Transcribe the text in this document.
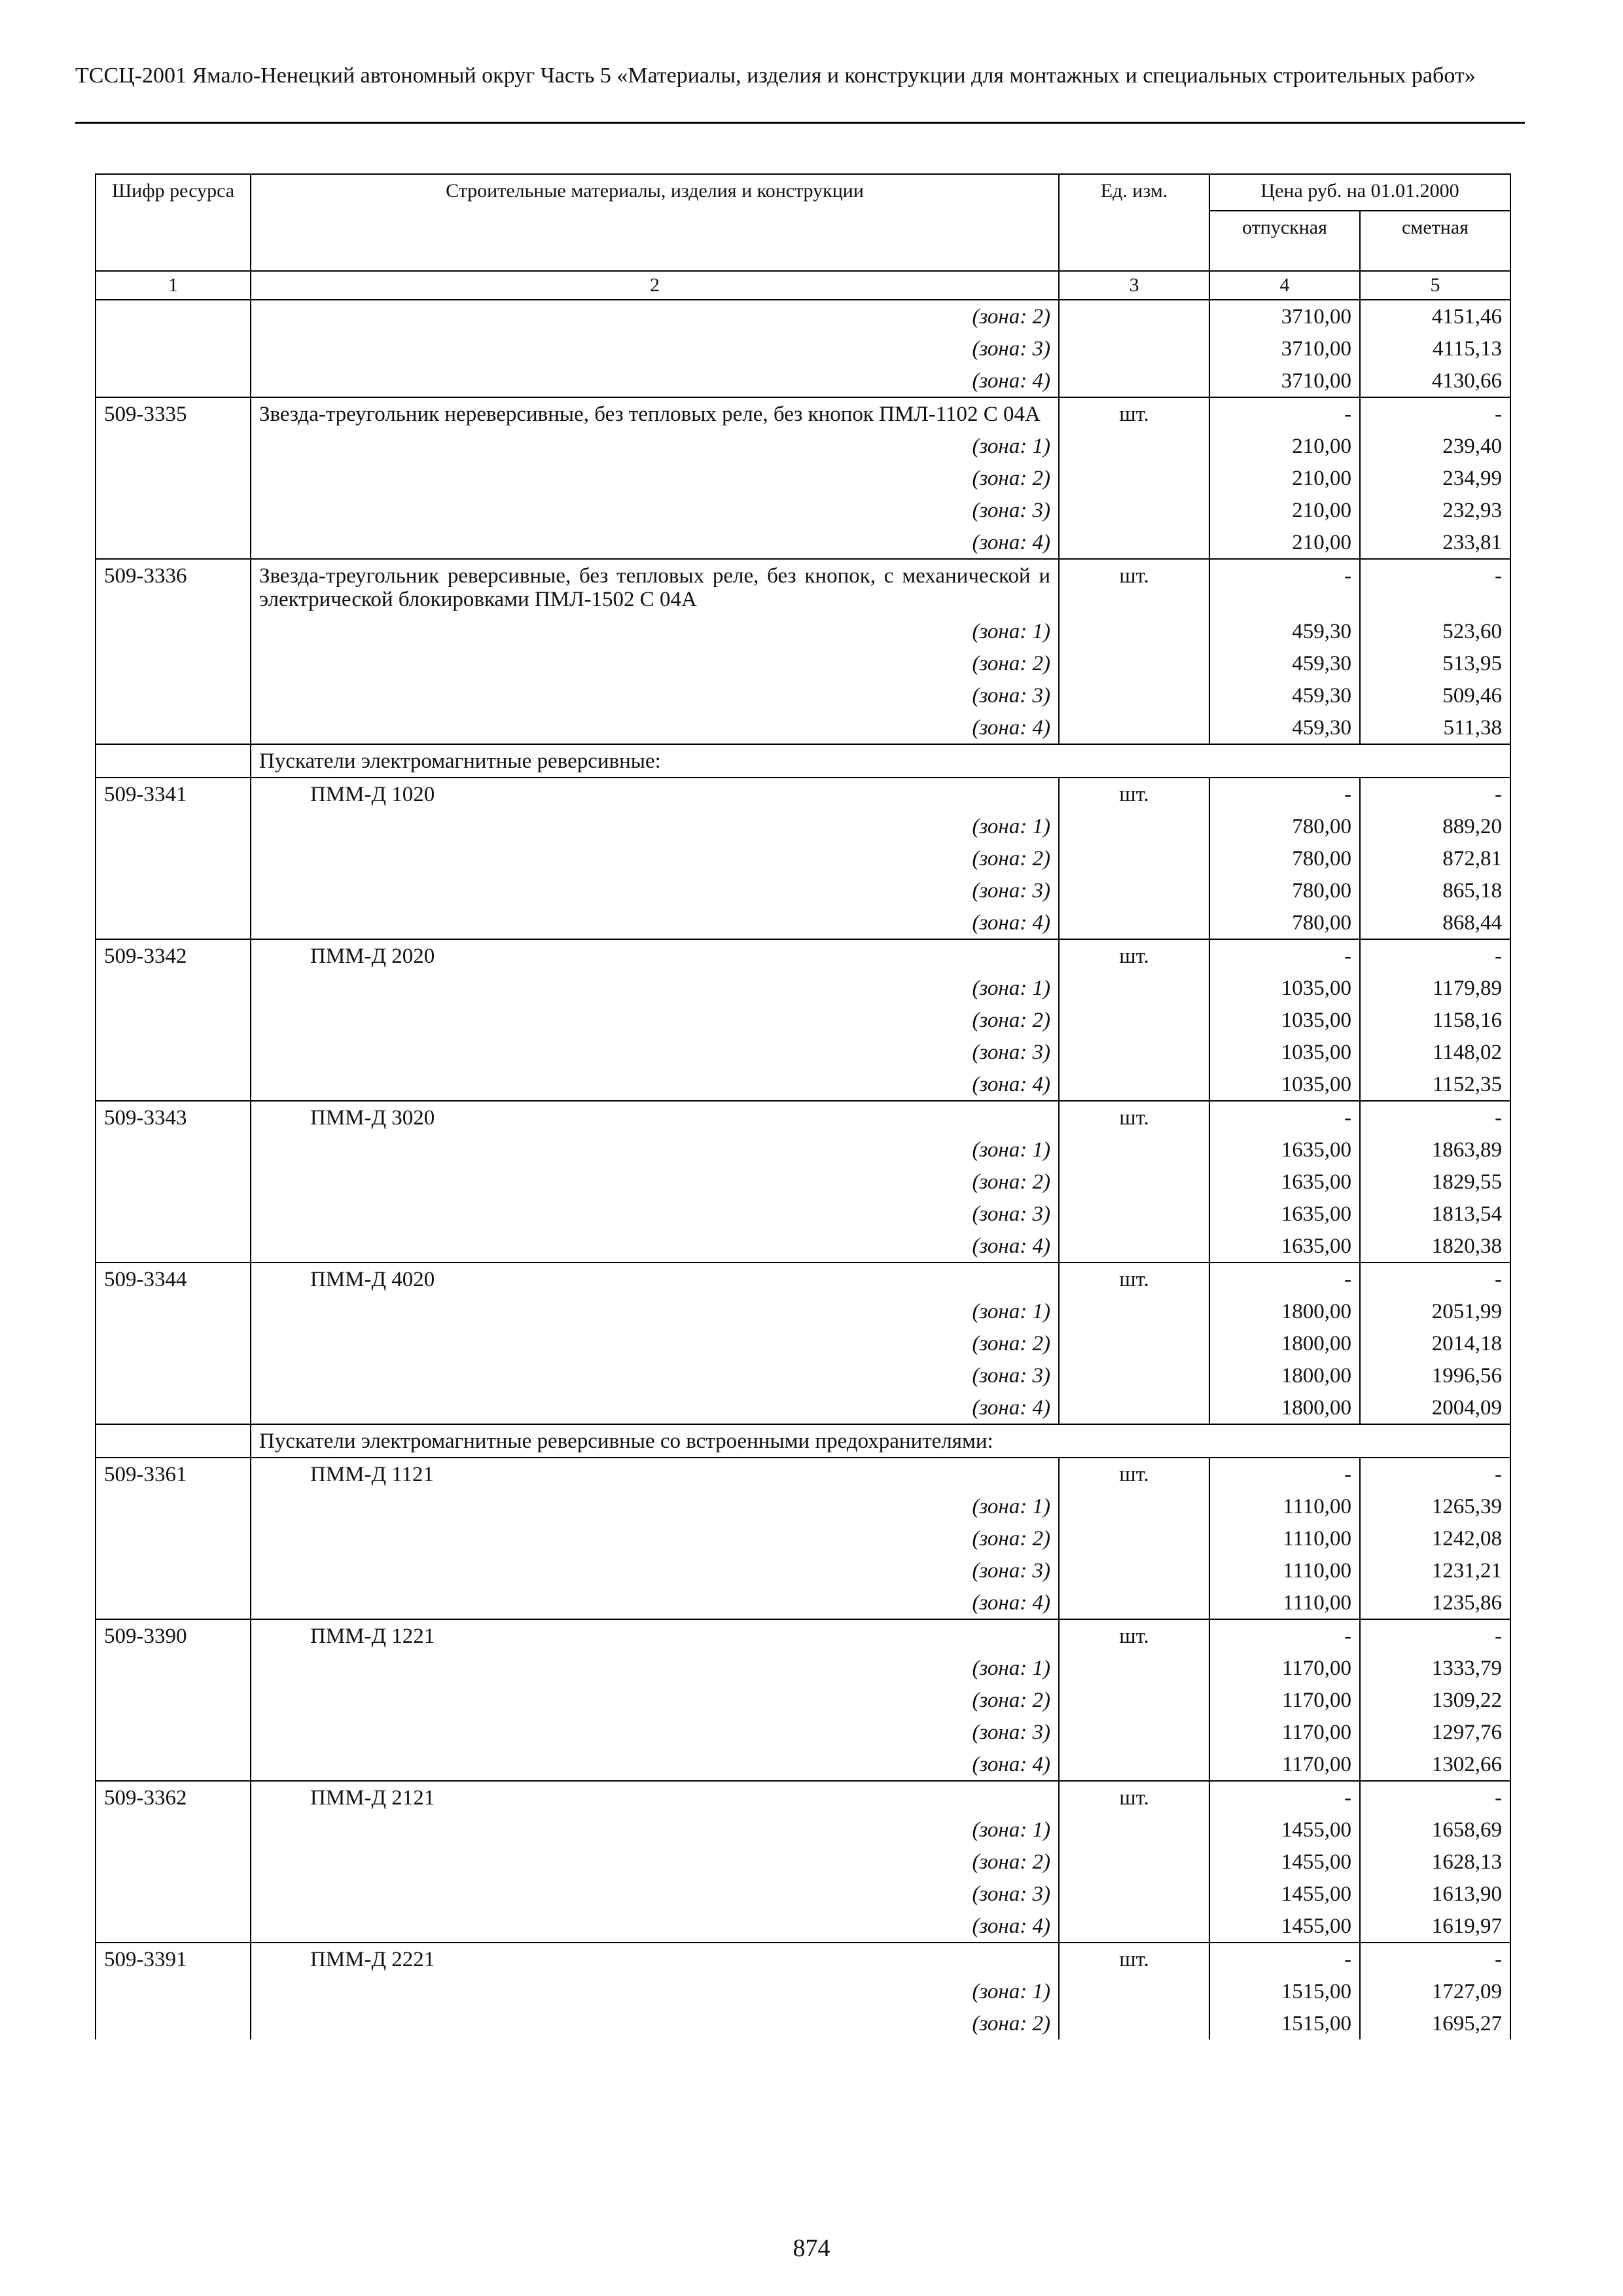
ТССЦ-2001 Ямало-Ненецкий автономный округ Часть 5 «Материалы, изделия и конструкции для монтажных и специальных строительных работ»
Шифр ресурса	Строительные материалы, изделия и конструкции	Ед. изм.	Цена руб. на 01.01.2000	
			отпускная	сметная
1	2	3	4	5
	(зона: 2)		3710,00	4151,46
	(зона: 3)		3710,00	4115,13
	(зона: 4)		3710,00	4130,66
509-3335	Звезда-треугольник нереверсивные, без тепловых реле, без кнопок ПМЛ-1102 С 04А	шт.	-	-
	(зона: 1)		210,00	239,40
	(зона: 2)		210,00	234,99
	(зона: 3)		210,00	232,93
	(зона: 4)		210,00	233,81
509-3336	Звезда-треугольник реверсивные, без тепловых реле, без кнопок, с механической и электрической блокировками ПМЛ-1502 С 04А	шт.	-	-
	(зона: 1)		459,30	523,60
	(зона: 2)		459,30	513,95
	(зона: 3)		459,30	509,46
	(зона: 4)		459,30	511,38
	Пускатели электромагнитные реверсивные:			
509-3341	ПММ-Д 1020	шт.	-	-
	(зона: 1)		780,00	889,20
	(зона: 2)		780,00	872,81
	(зона: 3)		780,00	865,18
	(зона: 4)		780,00	868,44
509-3342	ПММ-Д 2020	шт.	-	-
	(зона: 1)		1035,00	1179,89
	(зона: 2)		1035,00	1158,16
	(зона: 3)		1035,00	1148,02
	(зона: 4)		1035,00	1152,35
509-3343	ПММ-Д 3020	шт.	-	-
	(зона: 1)		1635,00	1863,89
	(зона: 2)		1635,00	1829,55
	(зона: 3)		1635,00	1813,54
	(зона: 4)		1635,00	1820,38
509-3344	ПММ-Д 4020	шт.	-	-
	(зона: 1)		1800,00	2051,99
	(зона: 2)		1800,00	2014,18
	(зона: 3)		1800,00	1996,56
	(зона: 4)		1800,00	2004,09
	Пускатели электромагнитные реверсивные со встроенными предохранителями:			
509-3361	ПММ-Д 1121	шт.	-	-
	(зона: 1)		1110,00	1265,39
	(зона: 2)		1110,00	1242,08
	(зона: 3)		1110,00	1231,21
	(зона: 4)		1110,00	1235,86
509-3390	ПММ-Д 1221	шт.	-	-
	(зона: 1)		1170,00	1333,79
	(зона: 2)		1170,00	1309,22
	(зона: 3)		1170,00	1297,76
	(зона: 4)		1170,00	1302,66
509-3362	ПММ-Д 2121	шт.	-	-
	(зона: 1)		1455,00	1658,69
	(зона: 2)		1455,00	1628,13
	(зона: 3)		1455,00	1613,90
	(зона: 4)		1455,00	1619,97
509-3391	ПММ-Д 2221	шт.	-	-
	(зона: 1)		1515,00	1727,09
	(зона: 2)		1515,00	1695,27
874
